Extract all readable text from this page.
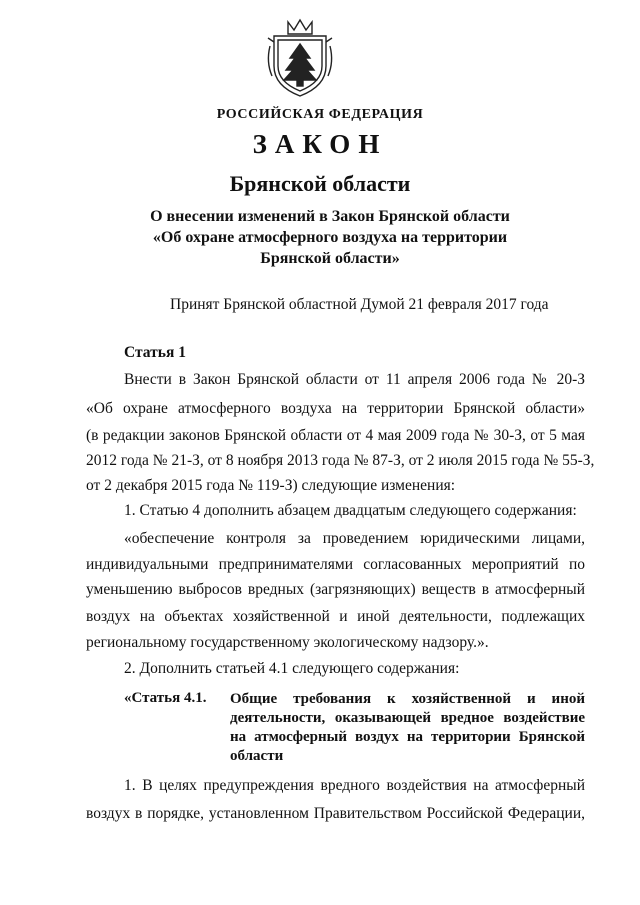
РОССИЙСКАЯ ФЕДЕРАЦИЯ
ЗАКОН
Брянской области
О внесении изменений в Закон Брянской области
«Об охране атмосферного воздуха на территории
Брянской области»
Принят Брянской областной Думой 21 февраля 2017 года
Статья 1
Внести в Закон Брянской области от 11 апреля 2006 года № 20-З
«Об охране атмосферного воздуха на территории Брянской области»
(в редакции законов Брянской области от 4 мая 2009 года № 30-З, от 5 мая
2012 года № 21-З, от 8 ноября 2013 года № 87-З, от 2 июля 2015 года № 55-З,
от 2 декабря 2015 года № 119-З) следующие изменения:
1. Статью 4 дополнить абзацем двадцатым следующего содержания:
«обеспечение контроля за проведением юридическими лицами,
индивидуальными предпринимателями согласованных мероприятий по
уменьшению выбросов вредных (загрязняющих) веществ в атмосферный
воздух на объектах хозяйственной и иной деятельности, подлежащих
региональному государственному экологическому надзору.».
2. Дополнить статьей 4.1 следующего содержания:
«Статья 4.1. Общие требования к хозяйственной и иной деятельности, оказывающей вредное воздействие на атмосферный воздух на территории Брянской области
1. В целях предупреждения вредного воздействия на атмосферный
воздух в порядке, установленном Правительством Российской Федерации,
